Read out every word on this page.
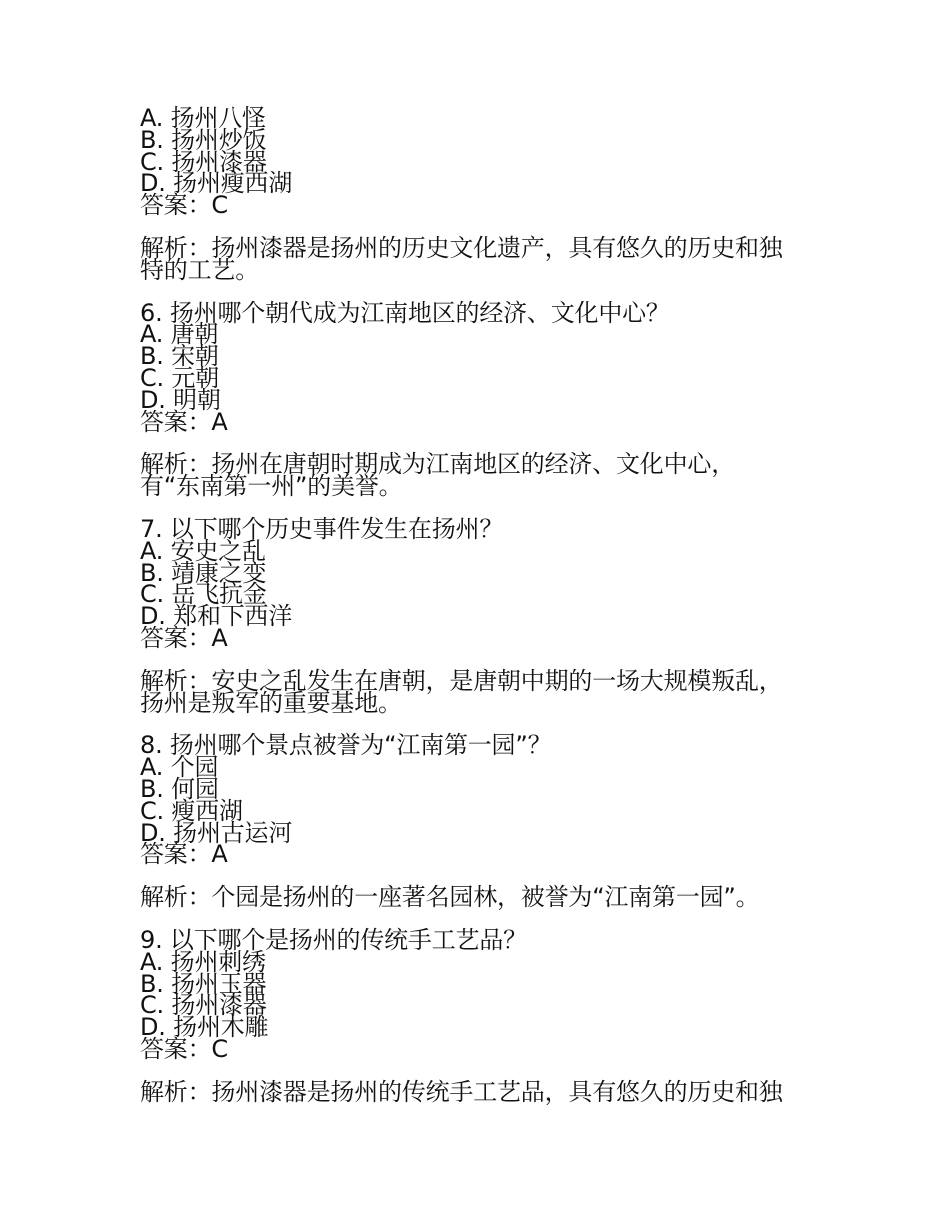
A. 扬州八怪
B. 扬州炒饭
C. 扬州漆器
D. 扬州瘦西湖
答案：C
解析：扬州漆器是扬州的历史文化遗产，具有悠久的历史和独
特的工艺。
6. 扬州哪个朝代成为江南地区的经济、文化中心？
A. 唐朝
B. 宋朝
C. 元朝
D. 明朝
答案：A
解析：扬州在唐朝时期成为江南地区的经济、文化中心，
有“东南第一州”的美誉。
7. 以下哪个历史事件发生在扬州？
A. 安史之乱
B. 靖康之变
C. 岳飞抗金
D. 郑和下西洋
答案：A
解析：安史之乱发生在唐朝，是唐朝中期的一场大规模叛乱，
扬州是叛军的重要基地。
8. 扬州哪个景点被誉为“江南第一园”？
A. 个园
B. 何园
C. 瘦西湖
D. 扬州古运河
答案：A
解析：个园是扬州的一座著名园林，被誉为“江南第一园”。
9. 以下哪个是扬州的传统手工艺品？
A. 扬州刺绣
B. 扬州玉器
C. 扬州漆器
D. 扬州木雕
答案：C
解析：扬州漆器是扬州的传统手工艺品，具有悠久的历史和独
